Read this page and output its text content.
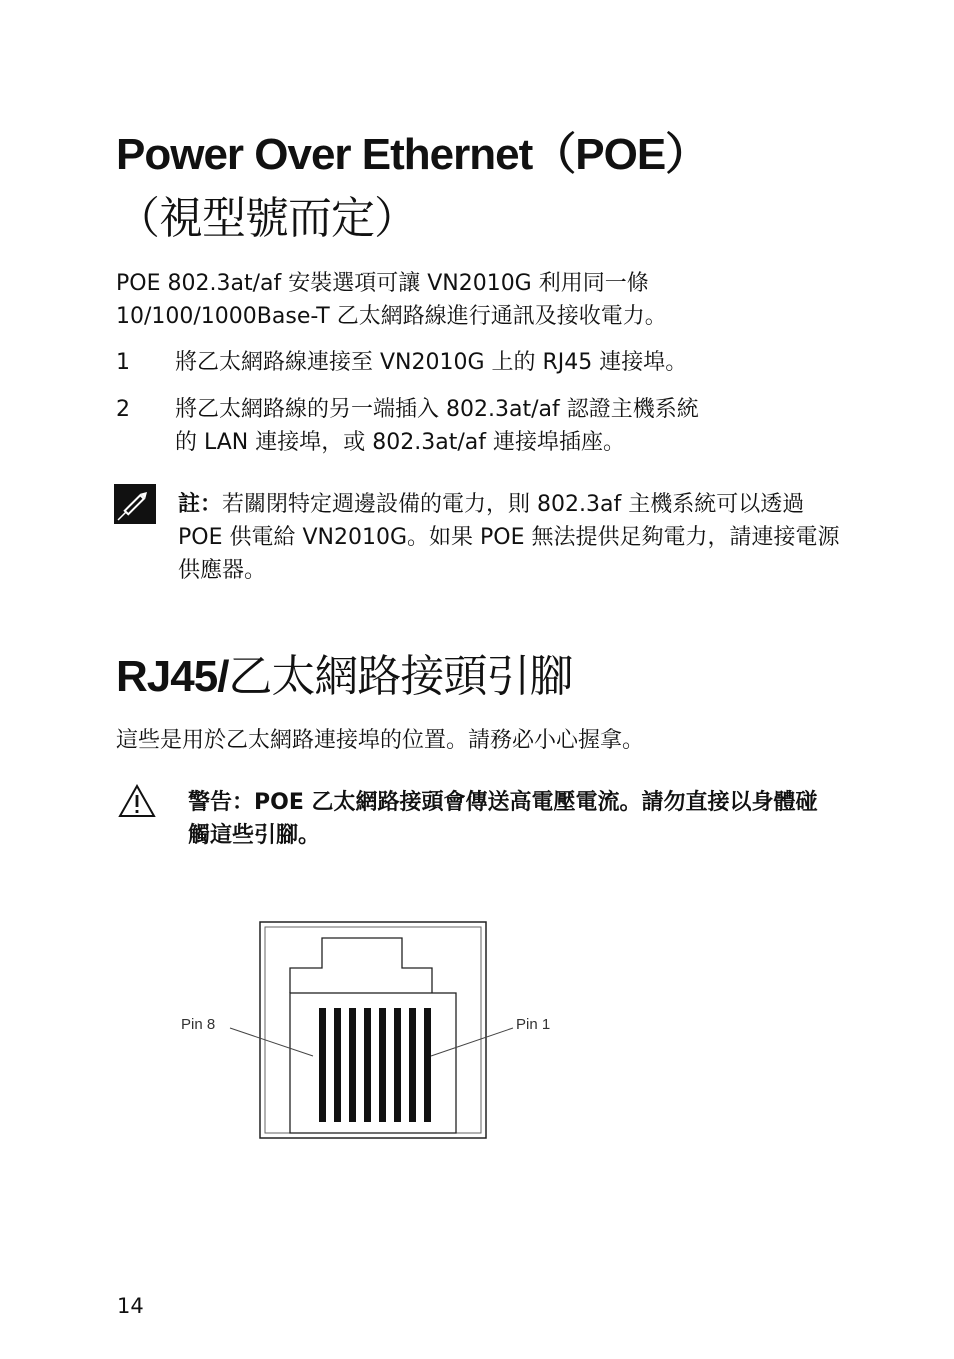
Power Over Ethernet（POE）
（視型號而定）
POE 802.3at/af 安裝選項可讓 VN2010G 利用同一條
10/100/1000Base-T 乙太網路線進行通訊及接收電力。
1 將乙太網路線連接至 VN2010G 上的 RJ45 連接埠。
2 將乙太網路線的另一端插入 802.3at/af 認證主機系統
的 LAN 連接埠，或 802.3at/af 連接埠插座。
註：若關閉特定週邊設備的電力，則 802.3af 主機系統可以透過
POE 供電給 VN2010G。如果 POE 無法提供足夠電力，請連接電源
供應器。
RJ45/乙太網路接頭引腳
這些是用於乙太網路連接埠的位置。請務必小心握拿。
警告：POE 乙太網路接頭會傳送高電壓電流。請勿直接以身體碰
觸這些引腳。
Pin 8	Pin 1
14
